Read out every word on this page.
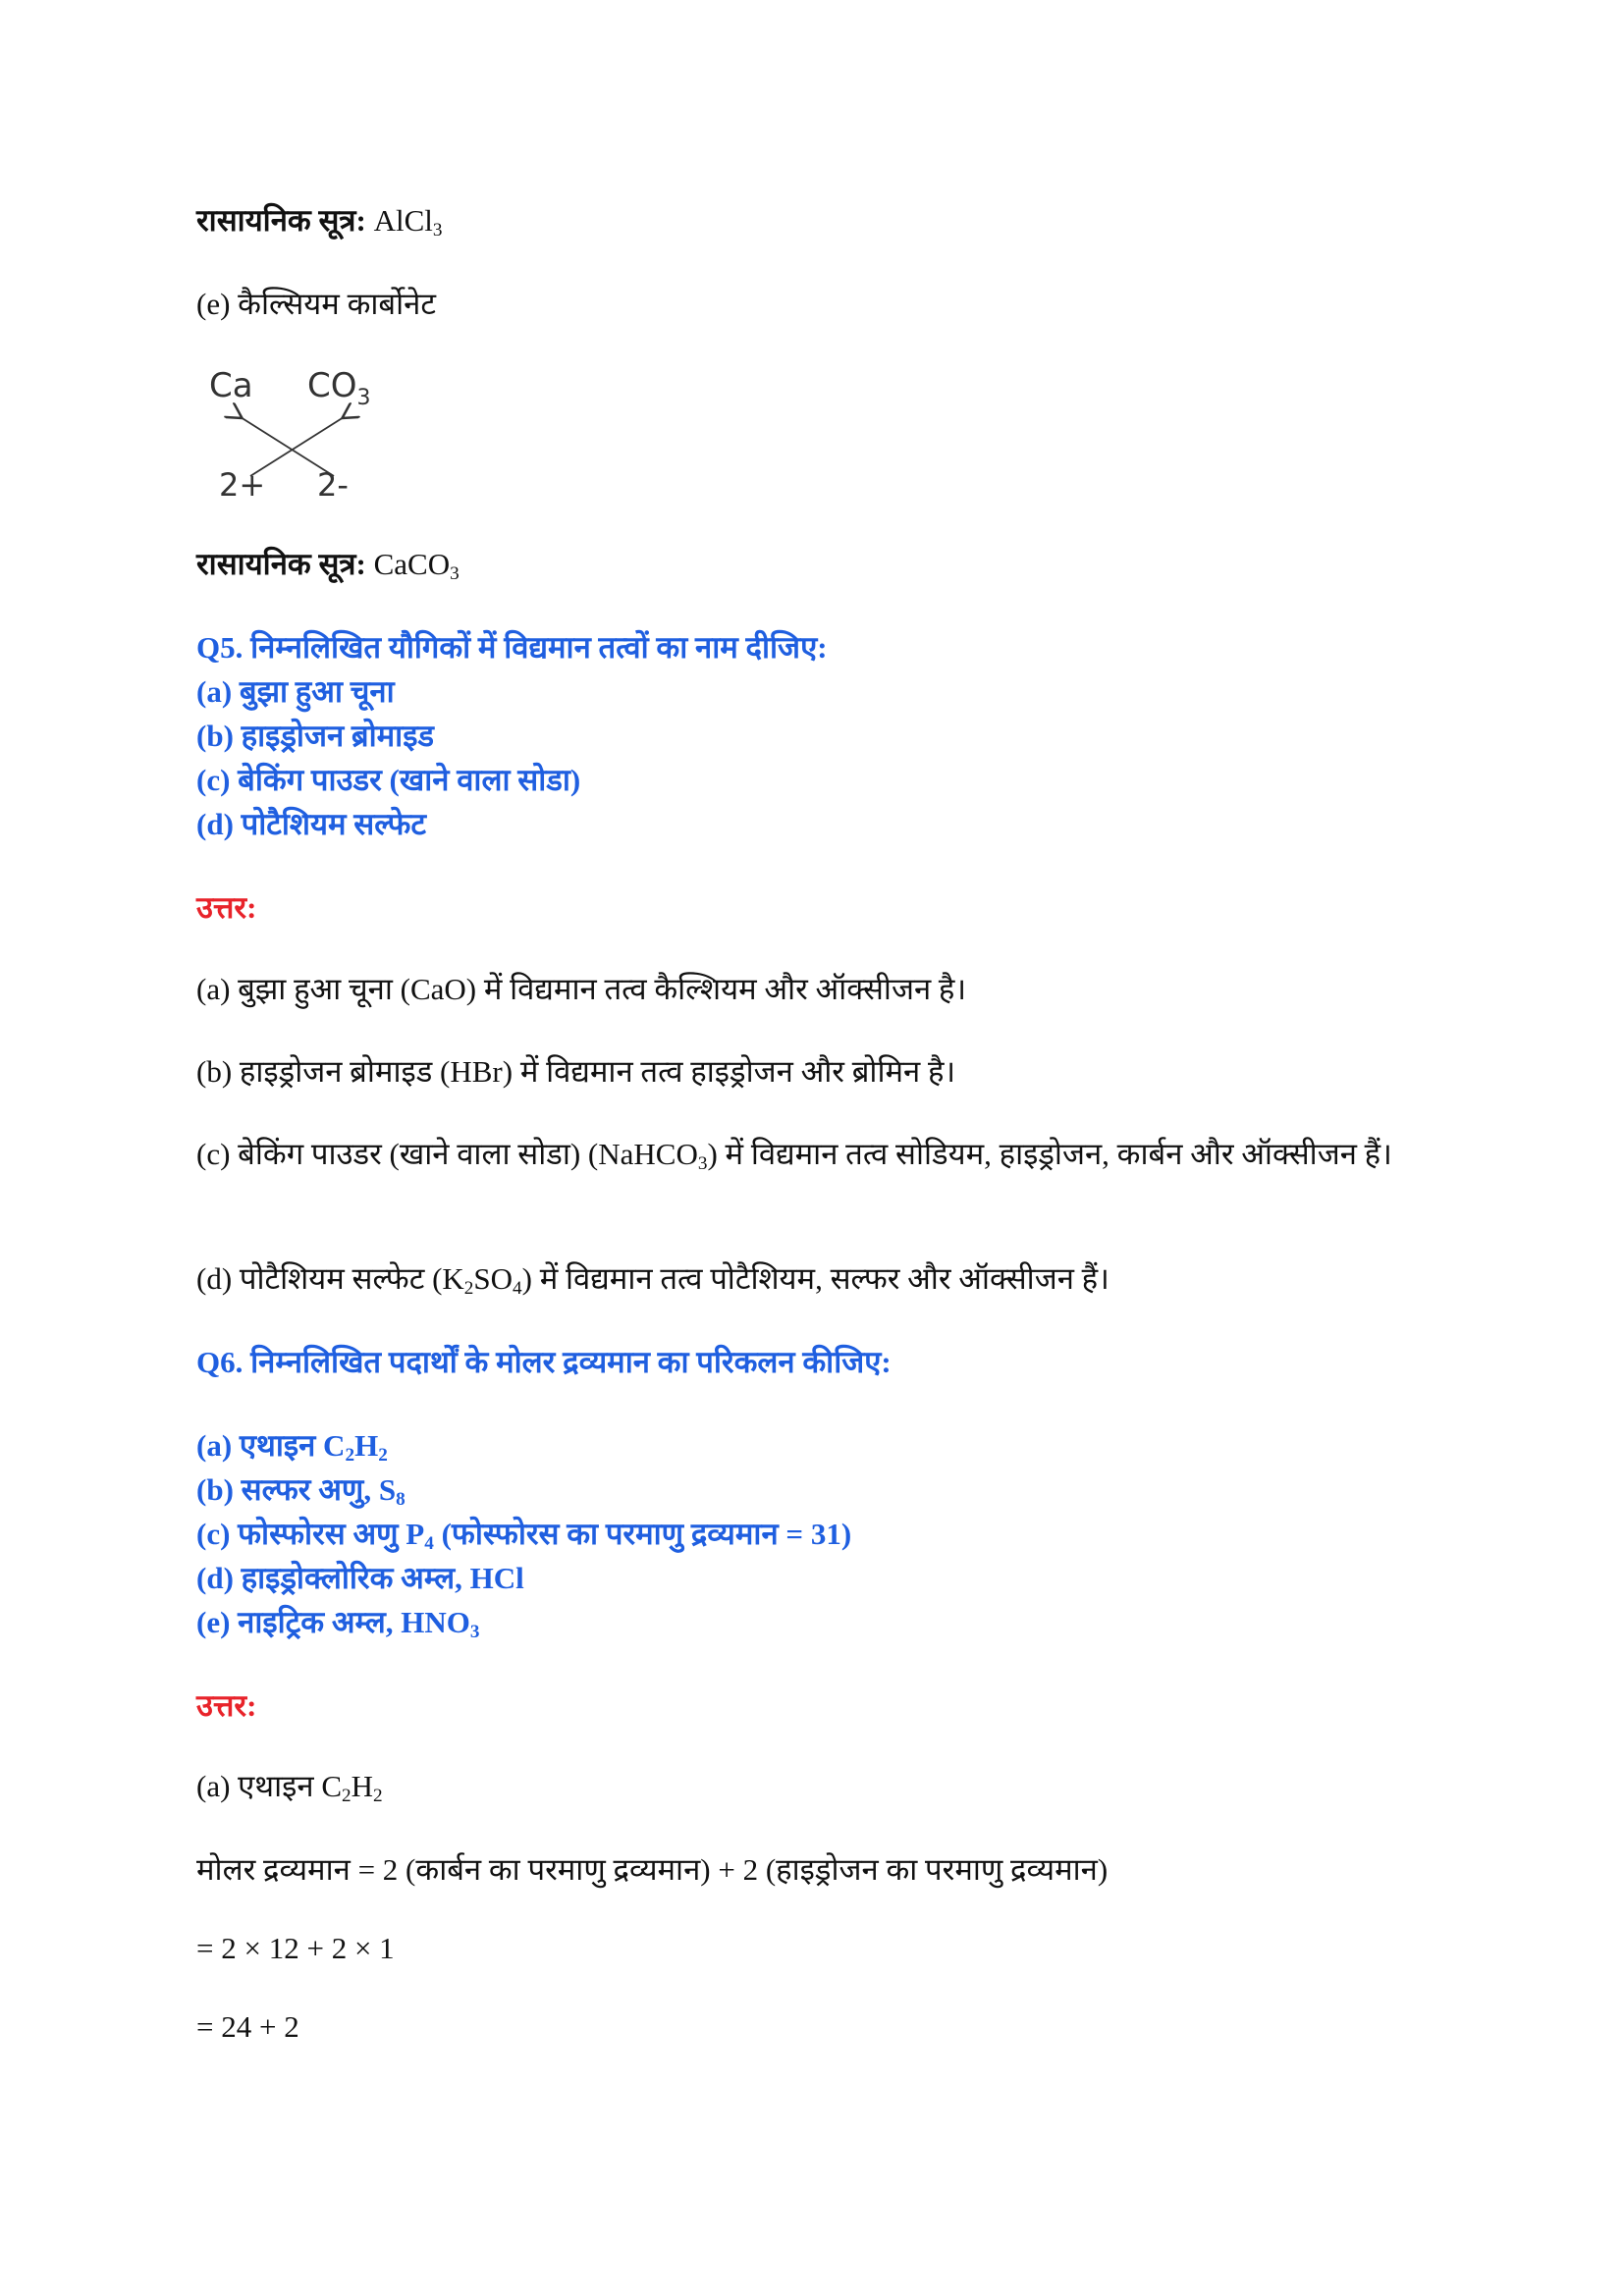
रासायनिक सूत्र: AlCl$_3$
(e) कैल्सियम कार्बोनेट
Ca $CO_3$
2+ 2-
रासायनिक सूत्र: CaCO$_3$
Q5. निम्नलिखित यौगिकों में विद्यमान तत्वों का नाम दीजिए:
(a) बुझा हुआ चूना
(b) हाइड्रोजन ब्रोमाइड
(c) बेकिंग पाउडर (खाने वाला सोडा)
(d) पोटैशियम सल्फेट
उत्तर:
(a) बुझा हुआ चूना (CaO) में विद्यमान तत्व कैल्शियम और ऑक्सीजन है।
(b) हाइड्रोजन ब्रोमाइड (HBr) में विद्यमान तत्व हाइड्रोजन और ब्रोमिन है।
(c) बेकिंग पाउडर (खाने वाला सोडा) (NaHCO$_3$) में विद्यमान तत्व सोडियम, हाइड्रोजन, कार्बन और ऑक्सीजन हैं।
(d) पोटैशियम सल्फेट $(K_2SO_4)$ में विद्यमान तत्व पोटैशियम, सल्फर और ऑक्सीजन हैं।
Q6. निम्नलिखित पदार्थों के मोलर द्रव्यमान का परिकलन कीजिए:
(a) एथाइन $C_2H_2$
(b) सल्फर अणु, $S_8$
(c) फोस्फोरस अणु $P_4$ (फोस्फोरस का परमाणु द्रव्यमान = 31)
(d) हाइड्रोक्लोरिक अम्ल, HCl
(e) नाइट्रिक अम्ल, $HNO_3$
उत्तर:
(a) एथाइन $C_2H_2$
मोलर द्रव्यमान = 2 (कार्बन का परमाणु द्रव्यमान) + 2 (हाइड्रोजन का परमाणु द्रव्यमान)
= 2 × 12 + 2 × 1
= 24 + 2
